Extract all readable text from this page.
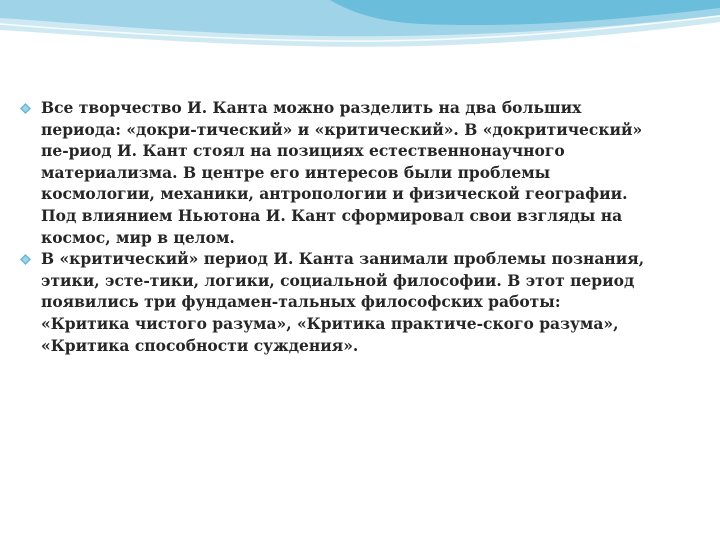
Все творчество И. Канта можно разделить на два больших
периода: «докри-тический» и «критический». В «докритический»
пе-риод И. Кант стоял на позициях естественнонаучного
материализма. В центре его интересов были проблемы
космологии, механики, антропологии и физической географии.
Под влиянием Ньютона И. Кант сформировал свои взгляды на
космос, мир в целом.
В «критический» период И. Канта занимали проблемы познания,
этики, эсте-тики, логики, социальной философии. В этот период
появились три фундамен-тальных философских работы:
«Критика чистого разума», «Критика практиче-ского разума»,
«Критика способности суждения».
